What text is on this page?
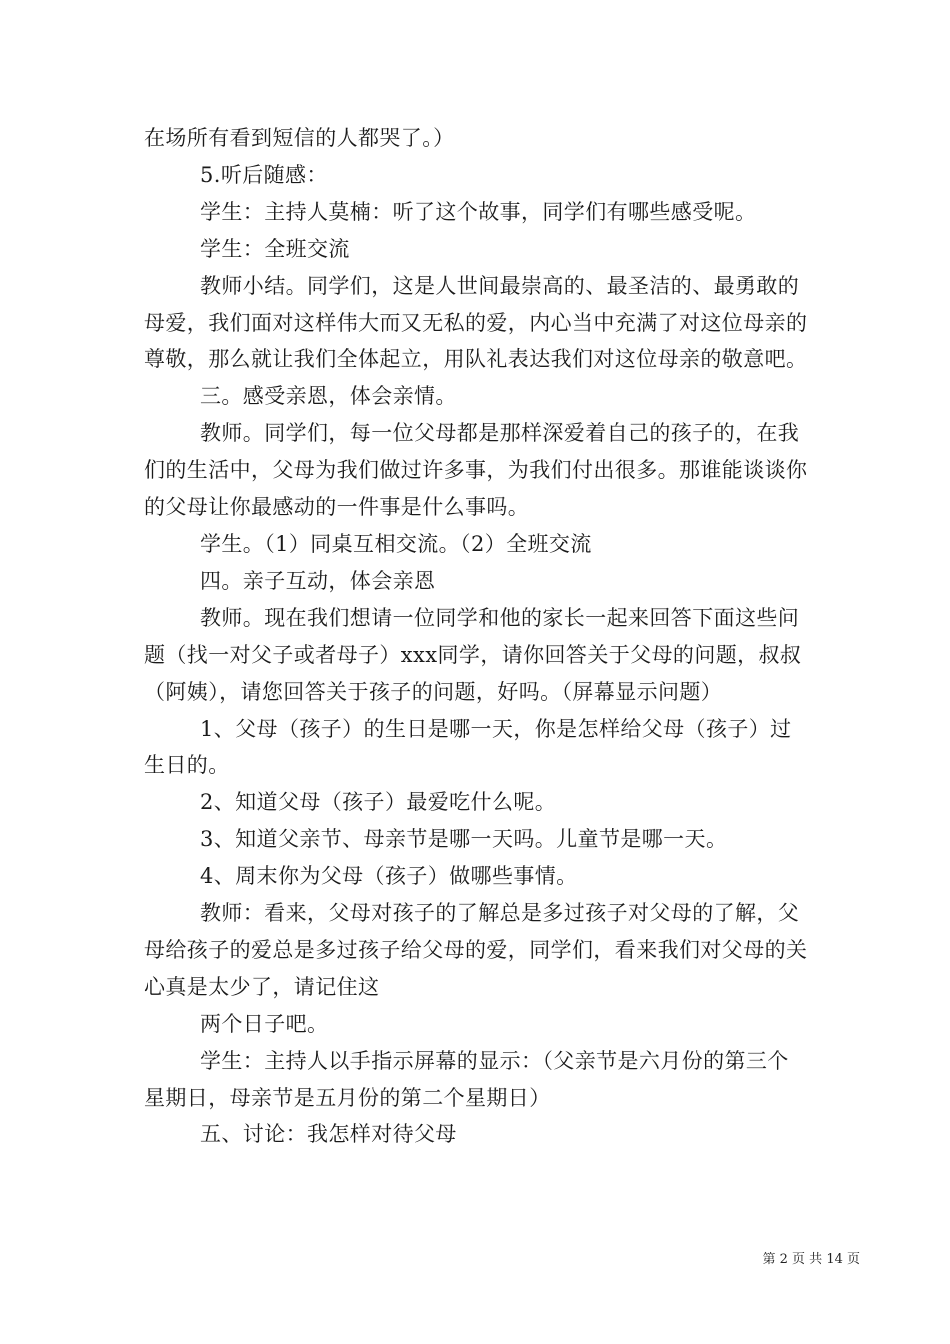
在场所有看到短信的人都哭了。）

5.听后随感：

学生：主持人莫楠：听了这个故事，同学们有哪些感受呢。

学生：全班交流

教师小结。同学们，这是人世间最崇高的、最圣洁的、最勇敢的母爱，我们面对这样伟大而又无私的爱，内心当中充满了对这位母亲的尊敬，那么就让我们全体起立，用队礼表达我们对这位母亲的敬意吧。

三。感受亲恩，体会亲情。

教师。同学们，每一位父母都是那样深爱着自己的孩子的，在我们的生活中，父母为我们做过许多事，为我们付出很多。那谁能谈谈你的父母让你最感动的一件事是什么事吗。

学生。（1）同桌互相交流。（2）全班交流

四。亲子互动，体会亲恩

教师。现在我们想请一位同学和他的家长一起来回答下面这些问题（找一对父子或者母子）xxx同学，请你回答关于父母的问题，叔叔（阿姨），请您回答关于孩子的问题，好吗。（屏幕显示问题）

1、父母（孩子）的生日是哪一天，你是怎样给父母（孩子）过生日的。

2、知道父母（孩子）最爱吃什么呢。

3、知道父亲节、母亲节是哪一天吗。儿童节是哪一天。

4、周末你为父母（孩子）做哪些事情。

教师：看来，父母对孩子的了解总是多过孩子对父母的了解，父母给孩子的爱总是多过孩子给父母的爱，同学们，看来我们对父母的关心真是太少了，请记住这

两个日子吧。

学生：主持人以手指示屏幕的显示：（父亲节是六月份的第三个星期日，母亲节是五月份的第二个星期日）

五、讨论：我怎样对待父母

第 2 页 共 14 页
